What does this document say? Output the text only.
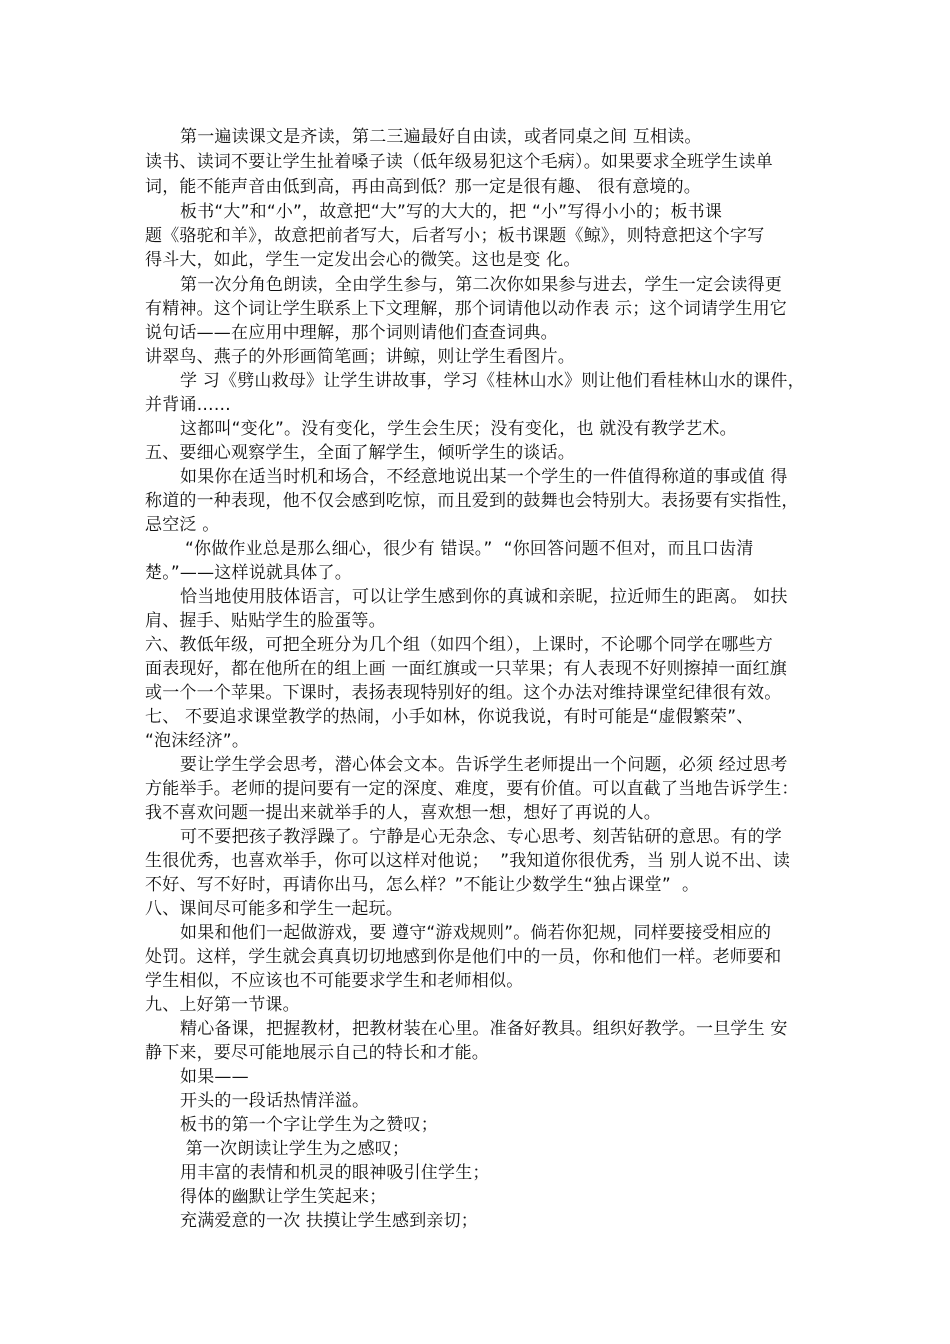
第一遍读课文是齐读，第二三遍最好自由读，或者同桌之间 互相读。
读书、读词不要让学生扯着嗓子读（低年级易犯这个毛病）。如果要求全班学生读单
词，能不能声音由低到高，再由高到低？那一定是很有趣、 很有意境的。
板书“大”和“小”，故意把“大”写的大大的，把 “小”写得小小的；板书课
题《骆驼和羊》，故意把前者写大，后者写小；板书课题《鲸》，则特意把这个字写
得斗大，如此，学生一定发出会心的微笑。这也是变 化。
第一次分角色朗读，全由学生参与，第二次你如果参与进去，学生一定会读得更
有精神。这个词让学生联系上下文理解，那个词请他以动作表 示；这个词请学生用它
说句话——在应用中理解，那个词则请他们查查词典。
讲翠鸟、燕子的外形画简笔画；讲鲸，则让学生看图片。
学 习《劈山救母》让学生讲故事，学习《桂林山水》则让他们看桂林山水的课件，
并背诵……
这都叫“变化”。没有变化，学生会生厌；没有变化，也 就没有教学艺术。
五、要细心观察学生，全面了解学生，倾听学生的谈话。
如果你在适当时机和场合，不经意地说出某一个学生的一件值得称道的事或值 得
称道的一种表现，他不仅会感到吃惊，而且爱到的鼓舞也会特别大。表扬要有实指性，
忌空泛 。
“你做作业总是那么细心，很少有 错误。”  “你回答问题不但对，而且口齿清
楚。”——这样说就具体了。
恰当地使用肢体语言，可以让学生感到你的真诚和亲昵，拉近师生的距离。 如扶
肩、握手、贴贴学生的脸蛋等。
六、教低年级，可把全班分为几个组（如四个组），上课时，不论哪个同学在哪些方
面表现好，都在他所在的组上画 一面红旗或一只苹果；有人表现不好则擦掉一面红旗
或一个一个苹果。下课时，表扬表现特别好的组。这个办法对维持课堂纪律很有效。
七、 不要追求课堂教学的热闹，小手如林，你说我说，有时可能是“虚假繁荣”、
“泡沫经济”。
要让学生学会思考，潜心体会文本。告诉学生老师提出一个问题，必须 经过思考
方能举手。老师的提问要有一定的深度、难度，要有价值。可以直截了当地告诉学生：
我不喜欢问题一提出来就举手的人，喜欢想一想，想好了再说的人。
可不要把孩子教浮躁了。宁静是心无杂念、专心思考、刻苦钻研的意思。有的学
生很优秀，也喜欢举手，你可以这样对他说；  ”我知道你很优秀，当 别人说不出、读
不好、写不好时，再请你出马，怎么样？”不能让少数学生“独占课堂”  。
八、课间尽可能多和学生一起玩。
如果和他们一起做游戏，要 遵守“游戏规则”。倘若你犯规，同样要接受相应的
处罚。这样，学生就会真真切切地感到你是他们中的一员，你和他们一样。老师要和
学生相似，不应该也不可能要求学生和老师相似。
九、上好第一节课。
精心备课，把握教材，把教材装在心里。准备好教具。组织好教学。一旦学生 安
静下来，要尽可能地展示自己的特长和才能。
如果——
开头的一段话热情洋溢。
板书的第一个字让学生为之赞叹；
第一次朗读让学生为之感叹；
用丰富的表情和机灵的眼神吸引住学生；
得体的幽默让学生笑起来；
充满爱意的一次 扶摸让学生感到亲切；
